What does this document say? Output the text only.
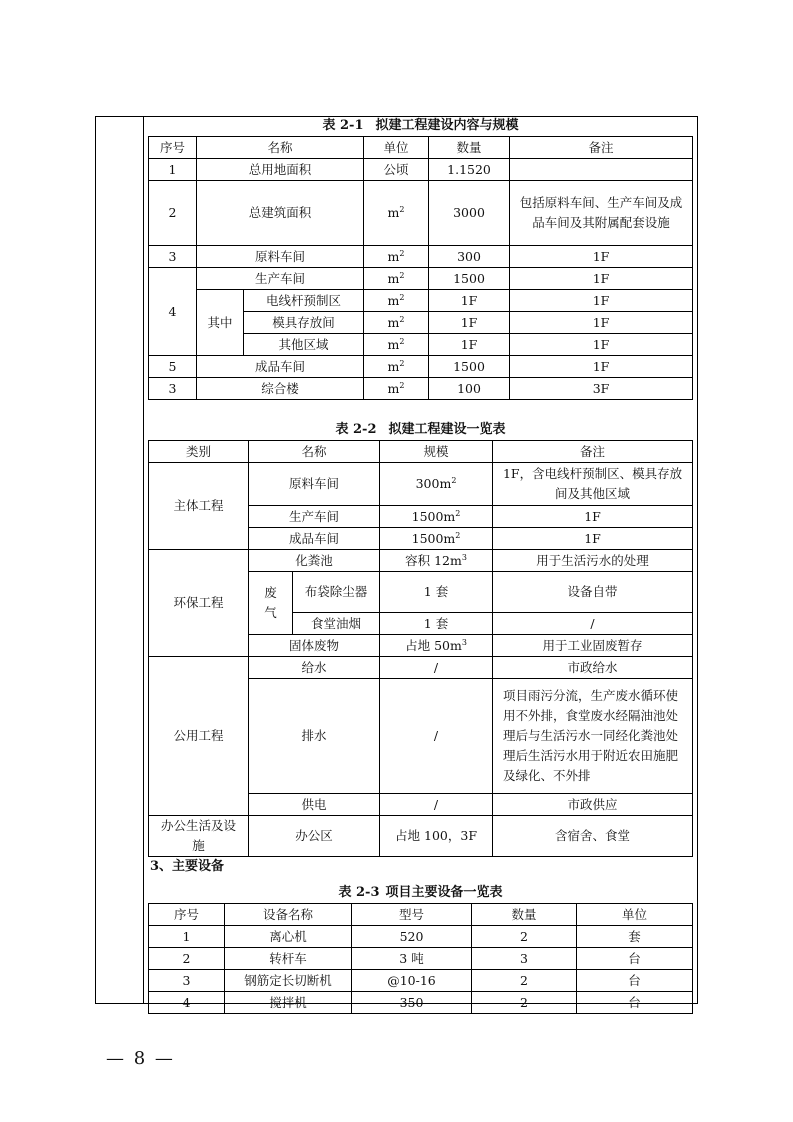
表 2-1 拟建工程建设内容与规模
序号	名称		单位	数量	备注
1	总用地面积		公顷	1.1520	
2	总建筑面积		$m^2$	3000	包括原料车间、生产车间及成品车间及其附属配套设施
3	原料车间		$m^2$	300	1F
4	生产车间		$m^2$	1500	1F
	其中	电线杆预制区	$m^2$	1F	1F
		模具存放间	$m^2$	1F	1F
		其他区域	$m^2$	1F	1F
5	成品车间		$m^2$	1500	1F
3	综合楼		$m^2$	100	3F
表 2-2 拟建工程建设一览表
类别	名称		规模	备注
主体工程	原料车间		$300m^2$	1F，含电线杆预制区、模具存放间及其他区域
	生产车间		$1500m^2$	1F
	成品车间		$1500m^2$	1F
环保工程	化粪池		容积 $12m^3$	用于生活污水的处理
	废气	布袋除尘器	1 套	设备自带
		食堂油烟	1 套	/
	固体废物		占地 $50m^3$	用于工业固废暂存
公用工程	给水		/	市政给水
	排水		/	项目雨污分流，生产废水循环使用不外排，食堂废水经隔油池处理后与生活污水一同经化粪池处理后生活污水用于附近农田施肥及绿化、不外排
	供电		/	市政供应
办公生活及设施	办公区		占地 100，3F	含宿舍、食堂
3、主要设备
表 2-3 项目主要设备一览表
序号	设备名称	型号	数量	单位
1	离心机	520	2	套
2	转杆车	3 吨	3	台
3	钢筋定长切断机	@10-16	2	台
4	搅拌机	350	2	台
— 8 —
